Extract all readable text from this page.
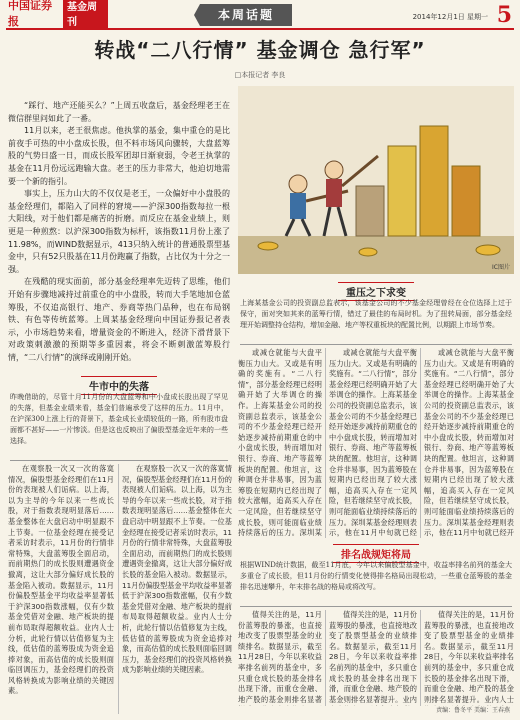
中国证券报
基金周刊
本周话题	2014年12月1日 星期一 5
转战“二八行情” 基金调仓 急行军”
□本报记者 李良

“踩行、地产还能买么？”上周五收盘后，基金经理老王在微信群里问如此了一番。

11月以来，老王很焦虑。他执掌的基金，集中重仓的是比前夜手可热的中小盘成长股，但不料市场风向骤转，大盘蓝筹股的气势日盛一日，而成长股军团却日渐衰弱，令老王执掌的基金在11月份远远跑输大盘。老王的压力非常大，他迫切地需要一个新的指引。

事实上，压力山大的不仅仅是老王，一众偏好中小盘股的基金经理们，都陷入了同样的窘境——沪深300指数每拉一根大阳线，对于他们都是痛苦的折磨。而反应在基金业绩上，则更是一种煎熬：以沪深300指数为标杆，该指数11月份上涨了11.98%，而WIND数据显示，413只纳入统计的普通股票型基金中，只有52只股基在11月份跑赢了指数，占比仅为十分之一强。

在残酷的现实面前，部分基金经理率先迈转了思维，他们开始有步骤地减持过前重仓的中小盘股，转而大手笔地加仓蓝筹股，不仅追高银行、地产、券商等热门品种，也在布局钢铁、有色等传统蓝筹。上周某基金经理向中国证券报记者表示，小市场趋势来看，增量资金的不断进入，经济下滑背景下对政策刺激激的预期等多重因素，将会不断刺激蓝筹股行情，“二八行情”的演绎或刚刚开始。

IC图片
重压之下求变
上海某基金公司的投资副总监表示，该基金公司的不少基金经理曾经在仓位选择上过于保守，面对突如其来的蓝筹行情，错过了最佳的布局时机。为了扭转局面，部分基金经理开始调整持仓结构，增加金融、地产等权重板块的配置比例，以期跟上市场节奏。
牛市中的失落
昨晚借助的，尽管十月11月份的大盘蓝筹和中小盘成长股出现了罕见的失落，但基金业绩来看，基金们普遍承受了这样的压力。11月中，在沪深300上涨上行的背景下，基金成长业绩较低的一路，所有股市盘面都不甚好——一片惨淡。但是这也反映出了偏股型基金近年来的一些选择。

在观察股一次又一次的落寞情况，偏股型基金经理们在11月份的表现被人们诟病。以上海，以为主导的今年以来一些成长股，对于指数表现明显落后……基金整体在大盘启动中明显跟不上节奏。一位基金经理在接受记者采访时表示，11月份的行情非常特殊，大盘蓝筹股全面启动，而前期热门的成长股则遭遇资金撤离，这让大部分偏好成长股的基金陷入被动。数据显示，11月份偏股型基金平均收益率显著低于沪深300指数涨幅，仅有少数基金凭借对金融、地产板块的提前布局取得超额收益。业内人士分析，此轮行情以估值修复为主线，低估值的蓝筹股成为资金追捧对象，而高估值的成长股则面临回调压力，基金经理们的投资风格转换成为影响业绩的关键因素。

在观察股一次又一次的落寞情况，偏股型基金经理们在11月份的表现被人们诟病。以上海，以为主导的今年以来一些成长股，对于指数表现明显落后……基金整体在大盘启动中明显跟不上节奏。一位基金经理在接受记者采访时表示，11月份的行情非常特殊，大盘蓝筹股全面启动，而前期热门的成长股则遭遇资金撤离，这让大部分偏好成长股的基金陷入被动。数据显示，11月份偏股型基金平均收益率显著低于沪深300指数涨幅，仅有少数基金凭借对金融、地产板块的提前布局取得超额收益。业内人士分析，此轮行情以估值修复为主线，低估值的蓝筹股成为资金追捧对象，而高估值的成长股则面临回调压力，基金经理们的投资风格转换成为影响业绩的关键因素。

或减仓就能与大盘平衡压力山大。又或是有明确的奖施有。“二八行情”，部分基金经理已经明确开始了大举调仓的操作。上海某基金公司的投资副总监表示，该基金公司的不少基金经理已经开始逐步减持前期重仓的中小盘成长股，转而增加对银行、券商、地产等蓝筹板块的配置。他坦言，这种调仓并非易事，因为蓝筹股在短期内已经出现了较大涨幅，追高买入存在一定风险，但若继续坚守成长股，则可能面临业绩持续落后的压力。深圳某

或减仓就能与大盘平衡压力山大。又或是有明确的奖施有。“二八行情”，部分基金经理已经明确开始了大举调仓的操作。上海某基金公司的投资副总监表示，该基金公司的不少基金经理已经开始逐步减持前期重仓的中小盘成长股，转而增加对银行、券商、地产等蓝筹板块的配置。他坦言，这种调仓并非易事，因为蓝筹股在短期内已经出现了较大涨幅，追高买入存在一定风险，但若继续坚守成长股，则可能面临业绩持续落后的压力。深圳某基金经理则表示，他在11月中旬就已经

或减仓就能与大盘平衡压力山大。又或是有明确的奖施有。“二八行情”，部分基金经理已经明确开始了大举调仓的操作。上海某基金公司的投资副总监表示，该基金公司的不少基金经理已经开始逐步减持前期重仓的中小盘成长股，转而增加对银行、券商、地产等蓝筹板块的配置。他坦言，这种调仓并非易事，因为蓝筹股在短期内已经出现了较大涨幅，追高买入存在一定风险，但若继续坚守成长股，则可能面临业绩持续落后的压力。深圳某基金经理则表示，他在11月中旬就已经开

排名战规矩将局
根据WIND统计数据，截至11月底，今年以来偏股型基金中，收益率排名前列的基金大多重仓了成长股，但11月份的行情变化使得排名格局出现松动，一些重仓蓝筹股的基金排名迅速攀升，年末排名战的格局或将改写。

值得关注的是，11月份蓝筹股的暴涨，也直接地改变了股票型基金的业绩排名。数据显示，截至11月28日，今年以来收益率排名前列的基金中，多只重仓成长股的基金排名出现下滑，而重仓金融、地产股的基金则排名显著

值得关注的是，11月份蓝筹股的暴涨，也直接地改变了股票型基金的业绩排名。数据显示，截至11月28日，今年以来收益率排名前列的基金中，多只重仓成长股的基金排名出现下滑，而重仓金融、地产股的基金则排名显著提升。业内

值得关注的是，11月份蓝筹股的暴涨，也直接地改变了股票型基金的业绩排名。数据显示，截至11月28日，今年以来收益率排名前列的基金中，多只重仓成长股的基金排名出现下滑，而重仓金融、地产股的基金则排名显著提升。业内人士

责编：鲁冬平 美编：王春燕
